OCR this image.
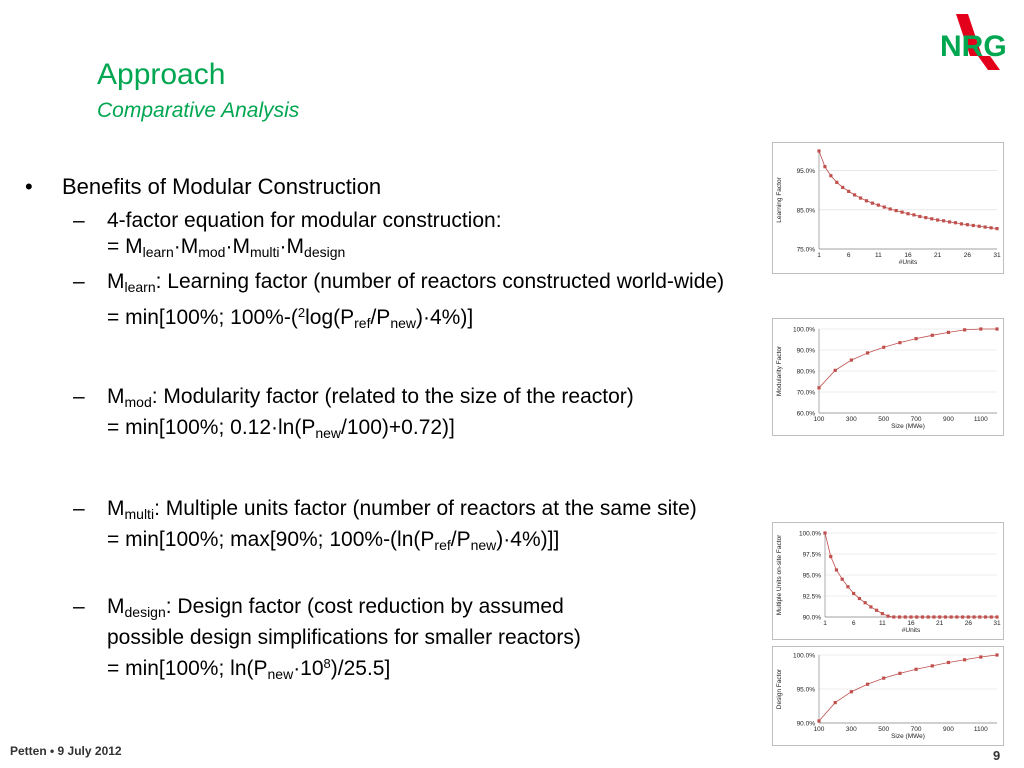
Approach
Comparative Analysis
NRG
• Benefits of Modular Construction
– 4-factor equation for modular construction:
= $M_{learn}\cdot M_{mod}\cdot M_{multi}\cdot M_{design}$
– $M_{learn}$: Learning factor (number of reactors constructed world-wide)
= min[100%; $100\%-(^2\log(P_{ref}/P_{new})\cdot 4\%)$]
– $M_{mod}$: Modularity factor (related to the size of the reactor)
= min[100%; $0.12\cdot\ln(P_{new}/100)+0.72$)]
– $M_{multi}$: Multiple units factor (number of reactors at the same site)
= min[100%; max[90%; $100\%-(\ln(P_{ref}/P_{new})\cdot 4\%)$]]
– $M_{design}$: Design factor (cost reduction by assumed
possible design simplifications for smaller reactors)
= min[100%; $\ln(P_{new}\cdot 10^8)/25.5$]
75.0%
85.0%
95.0%
1	6	11	16	21	26	31
#Units
Learning Factor
60.0%
70.0%
80.0%
90.0%
100.0%
100	300	500	700	900	1100
Size (MWe)
Modularity Factor
90.0%
92.5%
95.0%
97.5%
100.0%
1	6	11	16	21	26	31
#Units
Multiple Units on-site Factor
90.0%
95.0%
100.0%
100	300	500	700	900	1100
Size (MWe)
Design Factor
Petten • 9 July 2012	9
